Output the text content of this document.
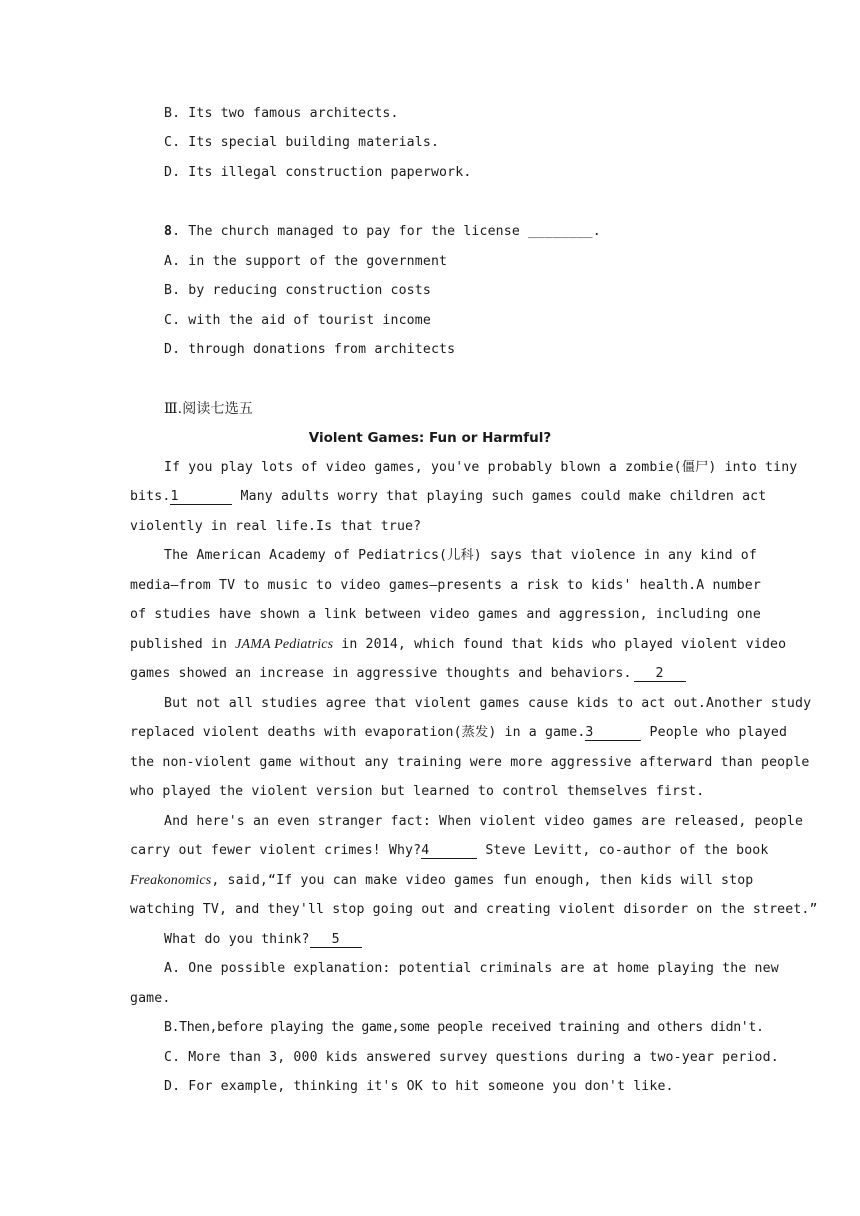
B. Its two famous architects.
C. Its special building materials.
D. Its illegal construction paperwork.
8. The church managed to pay for the license ________.
A. in the support of the government
B. by reducing construction costs
C. with the aid of tourist income
D. through donations from architects
Ⅲ.阅读七选五
Violent Games: Fun or Harmful?
If you play lots of video games, you've probably blown a zombie(僵尸) into tiny
bits.1	Many adults worry that playing such games could make children act
violently in real life.Is that true?
The American Academy of Pediatrics(儿科) says that violence in any kind of
media—from TV to music to video games—presents a risk to kids' health.A number
of studies have shown a link between video games and aggression, including one
published in JAMA Pediatrics in 2014, which found that kids who played violent video
games showed an increase in aggressive thoughts and behaviors. 2
But not all studies agree that violent games cause kids to act out.Another study
replaced violent deaths with evaporation(蒸发) in a game.3	People who played
the non-violent game without any training were more aggressive afterward than people
who played the violent version but learned to control themselves first.
And here's an even stranger fact: When violent video games are released, people
carry out fewer violent crimes! Why?4	Steve Levitt, co-author of the book
Freakonomics, said,“If you can make video games fun enough, then kids will stop
watching TV, and they'll stop going out and creating violent disorder on the street.”
What do you think? 5
A. One possible explanation: potential criminals are at home playing the new
game.
B.Then,before playing the game,some people received training and others didn't.
C. More than 3, 000 kids answered survey questions during a two-year period.
D. For example, thinking it's OK to hit someone you don't like.
